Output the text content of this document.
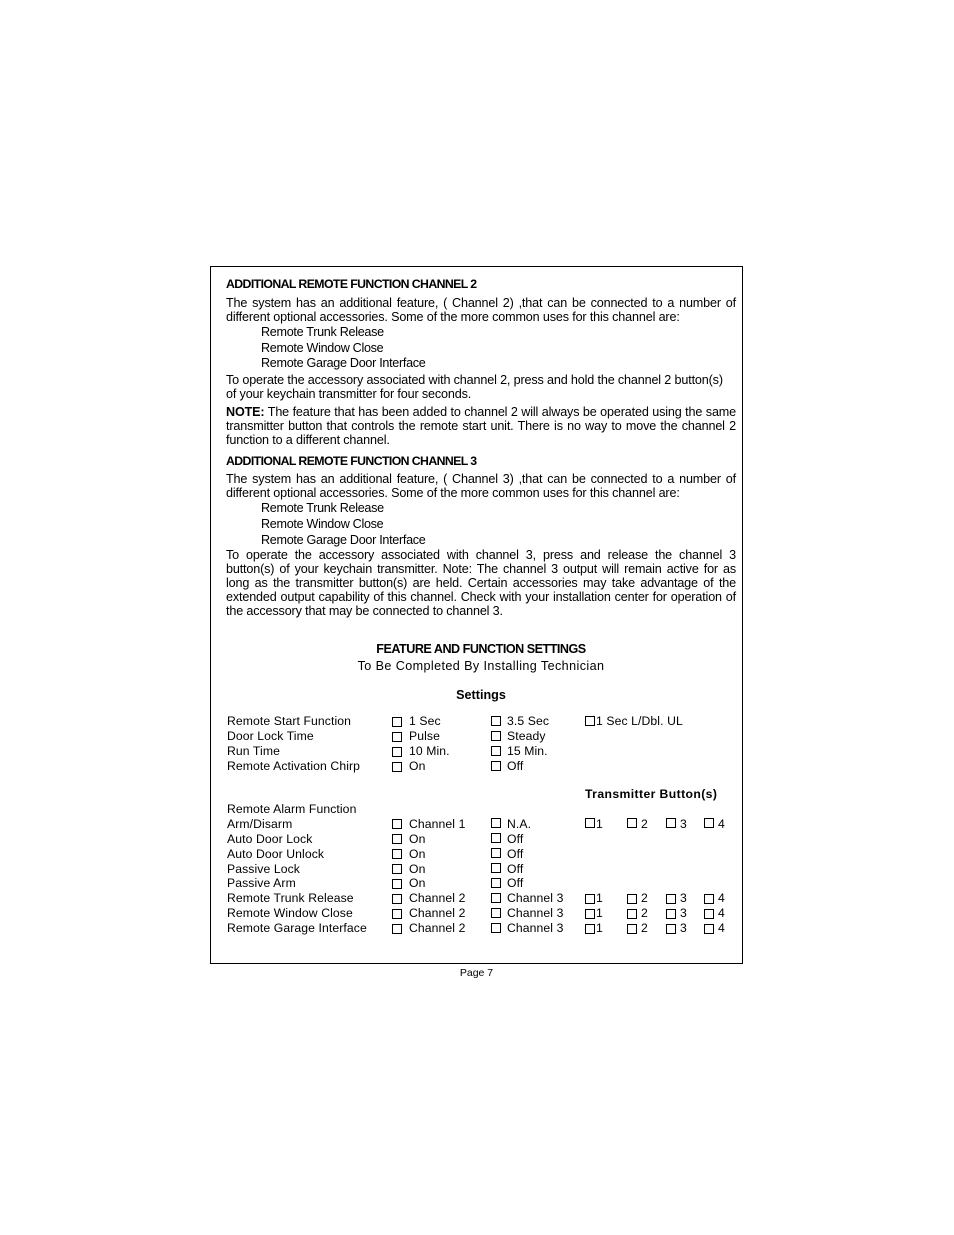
ADDITIONAL REMOTE FUNCTION CHANNEL 2
The system has an additional feature, ( Channel 2) ,that can be connected to a number of different optional accessories. Some of the more common uses for this channel are:
Remote Trunk Release
Remote Window Close
Remote Garage Door Interface
To operate the accessory associated with channel 2, press and hold the channel 2 button(s) of your keychain transmitter for four seconds.
NOTE: The feature that has been added to channel 2 will always be operated using the same transmitter button that controls the remote start unit. There is no way to move the channel 2 function to a different channel.
ADDITIONAL REMOTE FUNCTION CHANNEL 3
The system has an additional feature, ( Channel 3) ,that can be connected to a number of different optional accessories. Some of the more common uses for this channel are:
Remote Trunk Release
Remote Window Close
Remote Garage Door Interface
To operate the accessory associated with channel 3, press and release the channel 3 button(s) of your keychain transmitter. Note: The channel 3 output will remain active for as long as the transmitter button(s) are held. Certain accessories may take advantage of the extended output capability of this channel. Check with your installation center for operation of the accessory that may be connected to channel 3.
FEATURE AND FUNCTION SETTINGS
To Be Completed By Installing Technician
Settings
Remote Start Function	1 Sec	3.5 Sec	1 Sec L/Dbl. UL
Door Lock Time	Pulse	Steady
Run Time	10 Min.	15 Min.
Remote Activation Chirp	On	Off
Transmitter Button(s)
Remote Alarm Function
Arm/Disarm	Channel 1	N.A.	1	2	3	4
Auto Door Lock	On	Off
Auto Door Unlock	On	Off
Passive Lock	On	Off
Passive Arm	On	Off
Remote Trunk Release	Channel 2	Channel 3	1	2	3	4
Remote Window Close	Channel 2	Channel 3	1	2	3	4
Remote Garage Interface	Channel 2	Channel 3	1	2	3	4
Page 7
